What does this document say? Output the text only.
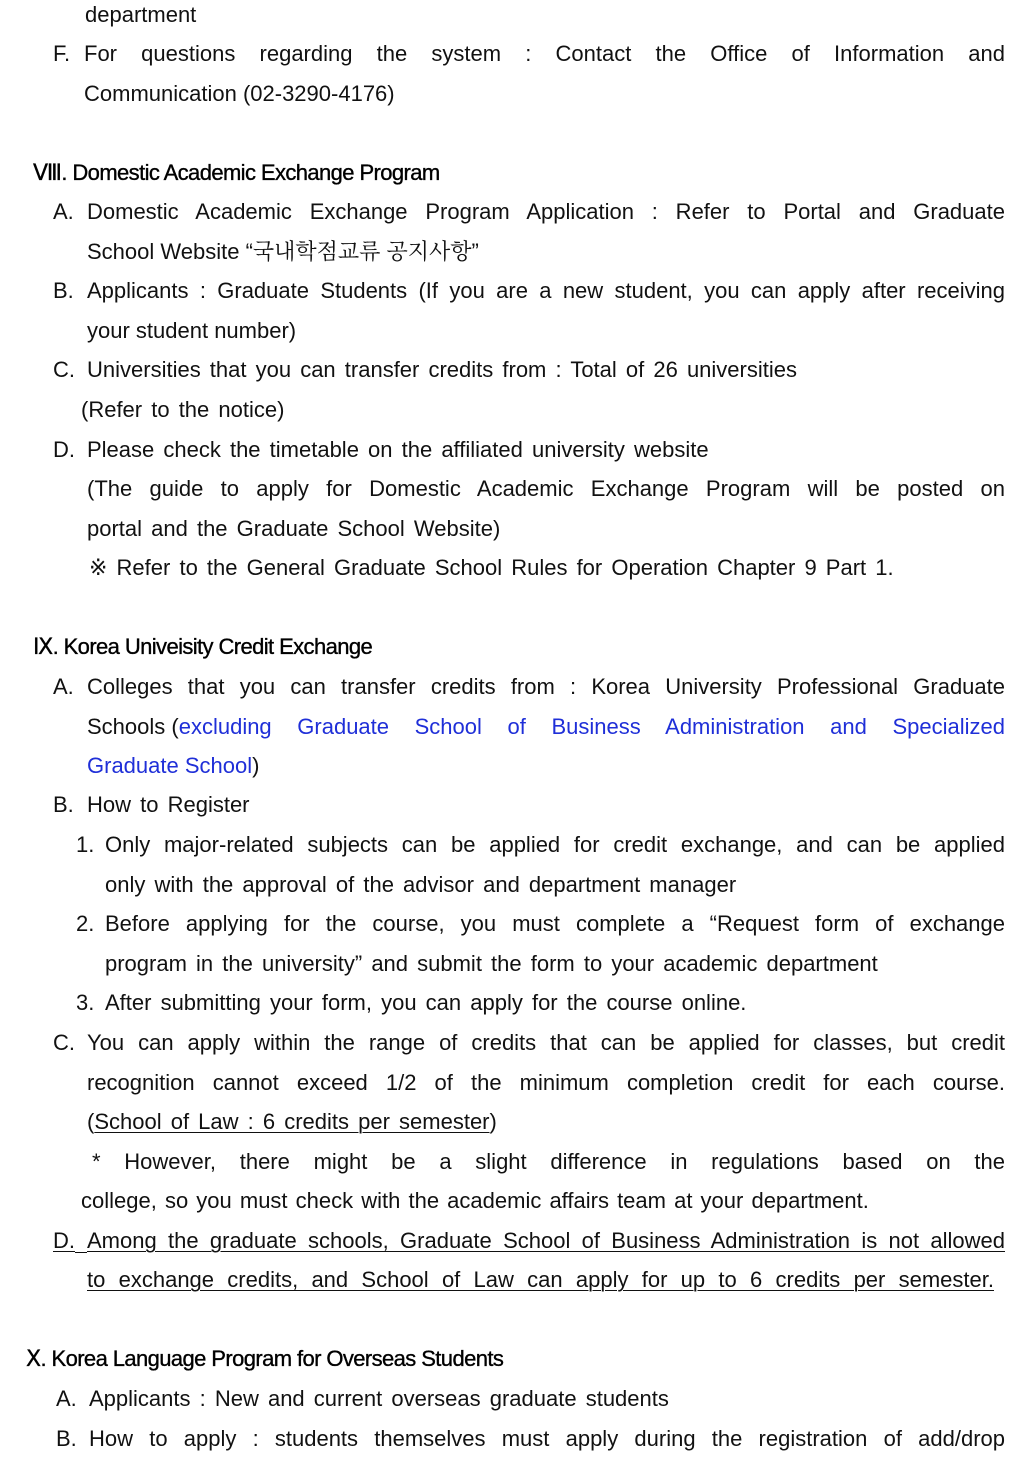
department
F. For questions regarding the system : Contact the Office of Information and
Communication (02-3290-4176)
Ⅷ. Domestic Academic Exchange Program
A. Domestic Academic Exchange Program Application : Refer to Portal and Graduate
School Website “국내학점교류 공지사항”
B. Applicants : Graduate Students (If you are a new student, you can apply after receiving
your student number)
C. Universities that you can transfer credits from : Total of 26 universities
(Refer to the notice)
D. Please check the timetable on the affiliated university website
(The guide to apply for Domestic Academic Exchange Program will be posted on
portal and the Graduate School Website)
※ Refer to the General Graduate School Rules for Operation Chapter 9 Part 1.
Ⅸ. Korea Univeisity Credit Exchange
A. Colleges that you can transfer credits from : Korea University Professional Graduate
Schools ( excluding Graduate School of Business Administration and Specialized
Graduate School)
B. How to Register
1. Only major-related subjects can be applied for credit exchange, and can be applied
only with the approval of the advisor and department manager
2. Before applying for the course, you must complete a “Request form of exchange
program in the university” and submit the form to your academic department
3. After submitting your form, you can apply for the course online.
C. You can apply within the range of credits that can be applied for classes, but credit
recognition cannot exceed 1/2 of the minimum completion credit for each course.
(School of Law : 6 credits per semester)
* However, there might be a slight difference in regulations based on the
college, so you must check with the academic affairs team at your department.
D. Among the graduate schools, Graduate School of Business Administration is not allowed
to exchange credits, and School of Law can apply for up to 6 credits per semester.
Ⅹ. Korea Language Program for Overseas Students
A. Applicants : New and current overseas graduate students
B. How to apply : students themselves must apply during the registration of add/drop
